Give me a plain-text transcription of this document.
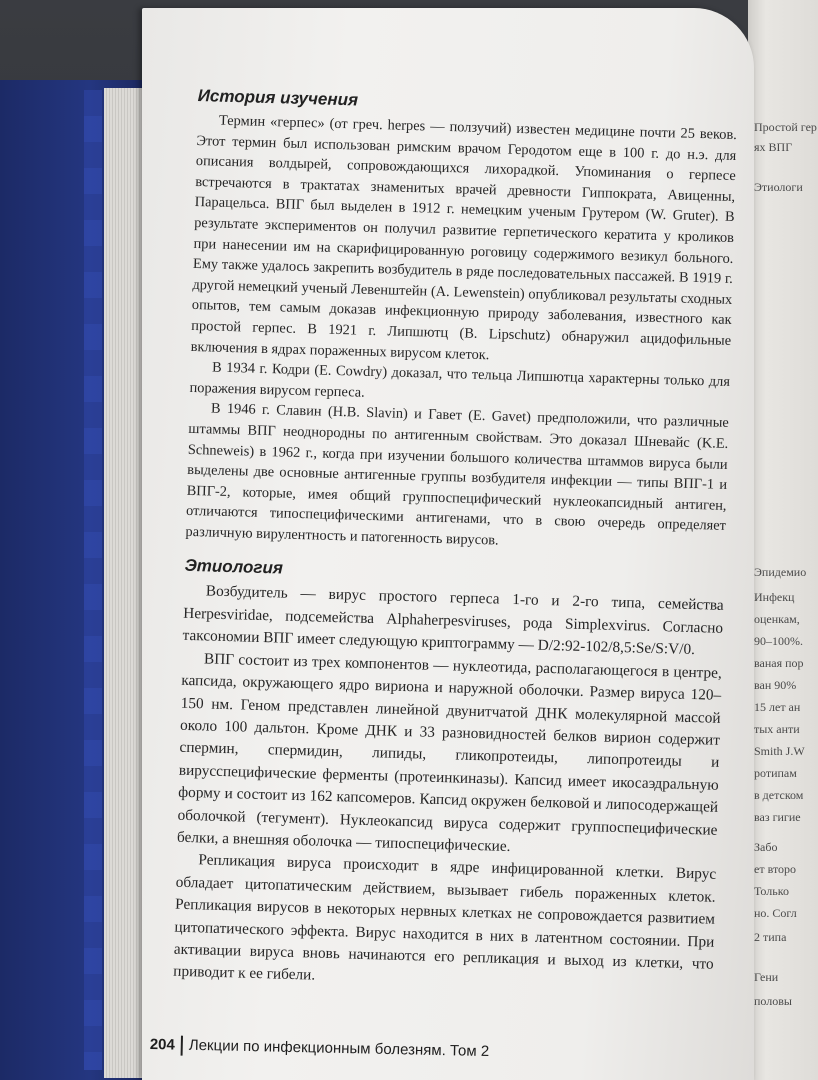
Простой гер
ях ВПГ
Этиологи
Эпидемио
Инфекц
оценкам,
90–100%.
ваная пор
ван 90%
15 лет ан
тых анти
Smith J.W
ротипам
в детском
ваз гигие
Забо
ет второ
Только
но. Согл
2 типа
Гени
половы
История изучения

Термин «герпес» (от греч. herpes — ползучий) известен медицине почти 25 веков. Этот термин был использован римским врачом Геродотом еще в 100 г. до н.э. для описания волдырей, сопровождающихся лихорадкой. Упоминания о герпесе встречаются в трактатах знаменитых врачей древности Гиппократа, Авиценны, Парацельса. ВПГ был выделен в 1912 г. немецким ученым Грутером (W. Gruter). В результате экспериментов он получил развитие герпетического кератита у кроликов при нанесении им на скарифицированную роговицу содержимого везикул больного. Ему также удалось закрепить возбудитель в ряде последовательных пассажей. В 1919 г. другой немецкий ученый Левенштейн (A. Lewenstein) опубликовал результаты сходных опытов, тем самым доказав инфекционную природу заболевания, известного как простой герпес. В 1921 г. Липшютц (B. Lipschutz) обнаружил ацидофильные включения в ядрах пораженных вирусом клеток.

В 1934 г. Кодри (E. Cowdry) доказал, что тельца Липшютца характерны только для поражения вирусом герпеса.

В 1946 г. Славин (H.B. Slavin) и Гавет (E. Gavet) предположили, что различные штаммы ВПГ неоднородны по антигенным свойствам. Это доказал Шневайс (K.E. Schneweis) в 1962 г., когда при изучении большого количества штаммов вируса были выделены две основные антигенные группы возбудителя инфекции — типы ВПГ-1 и ВПГ-2, которые, имея общий группоспецифический нуклеокапсидный антиген, отличаются типоспецифическими антигенами, что в свою очередь определяет различную вирулентность и патогенность вирусов.

Этиология

Возбудитель — вирус простого герпеса 1-го и 2-го типа, семейства Herpesviridae, подсемейства Alphaherpesviruses, рода Simplexvirus. Согласно таксономии ВПГ имеет следующую криптограмму — D/2:92-102/8,5:Se/S:V/0.

ВПГ состоит из трех компонентов — нуклеотида, располагающегося в центре, капсида, окружающего ядро вириона и наружной оболочки. Размер вируса 120–150 нм. Геном представлен линейной двунитчатой ДНК молекулярной массой около 100 дальтон. Кроме ДНК и 33 разновидностей белков вирион содержит спермин, спермидин, липиды, гликопротеиды, липопротеиды и вирусспецифические ферменты (протеинкиназы). Капсид имеет икосаэдральную форму и состоит из 162 капсомеров. Капсид окружен белковой и липосодержащей оболочкой (тегумент). Нуклеокапсид вируса содержит группоспецифические белки, а внешняя оболочка — типоспецифические.

Репликация вируса происходит в ядре инфицированной клетки. Вирус обладает цитопатическим действием, вызывает гибель пораженных клеток. Репликация вирусов в некоторых нервных клетках не сопровождается развитием цитопатического эффекта. Вирус находится в них в латентном состоянии. При активации вируса вновь начинаются его репликация и выход из клетки, что приводит к ее гибели.

204 Лекции по инфекционным болезням. Том 2
